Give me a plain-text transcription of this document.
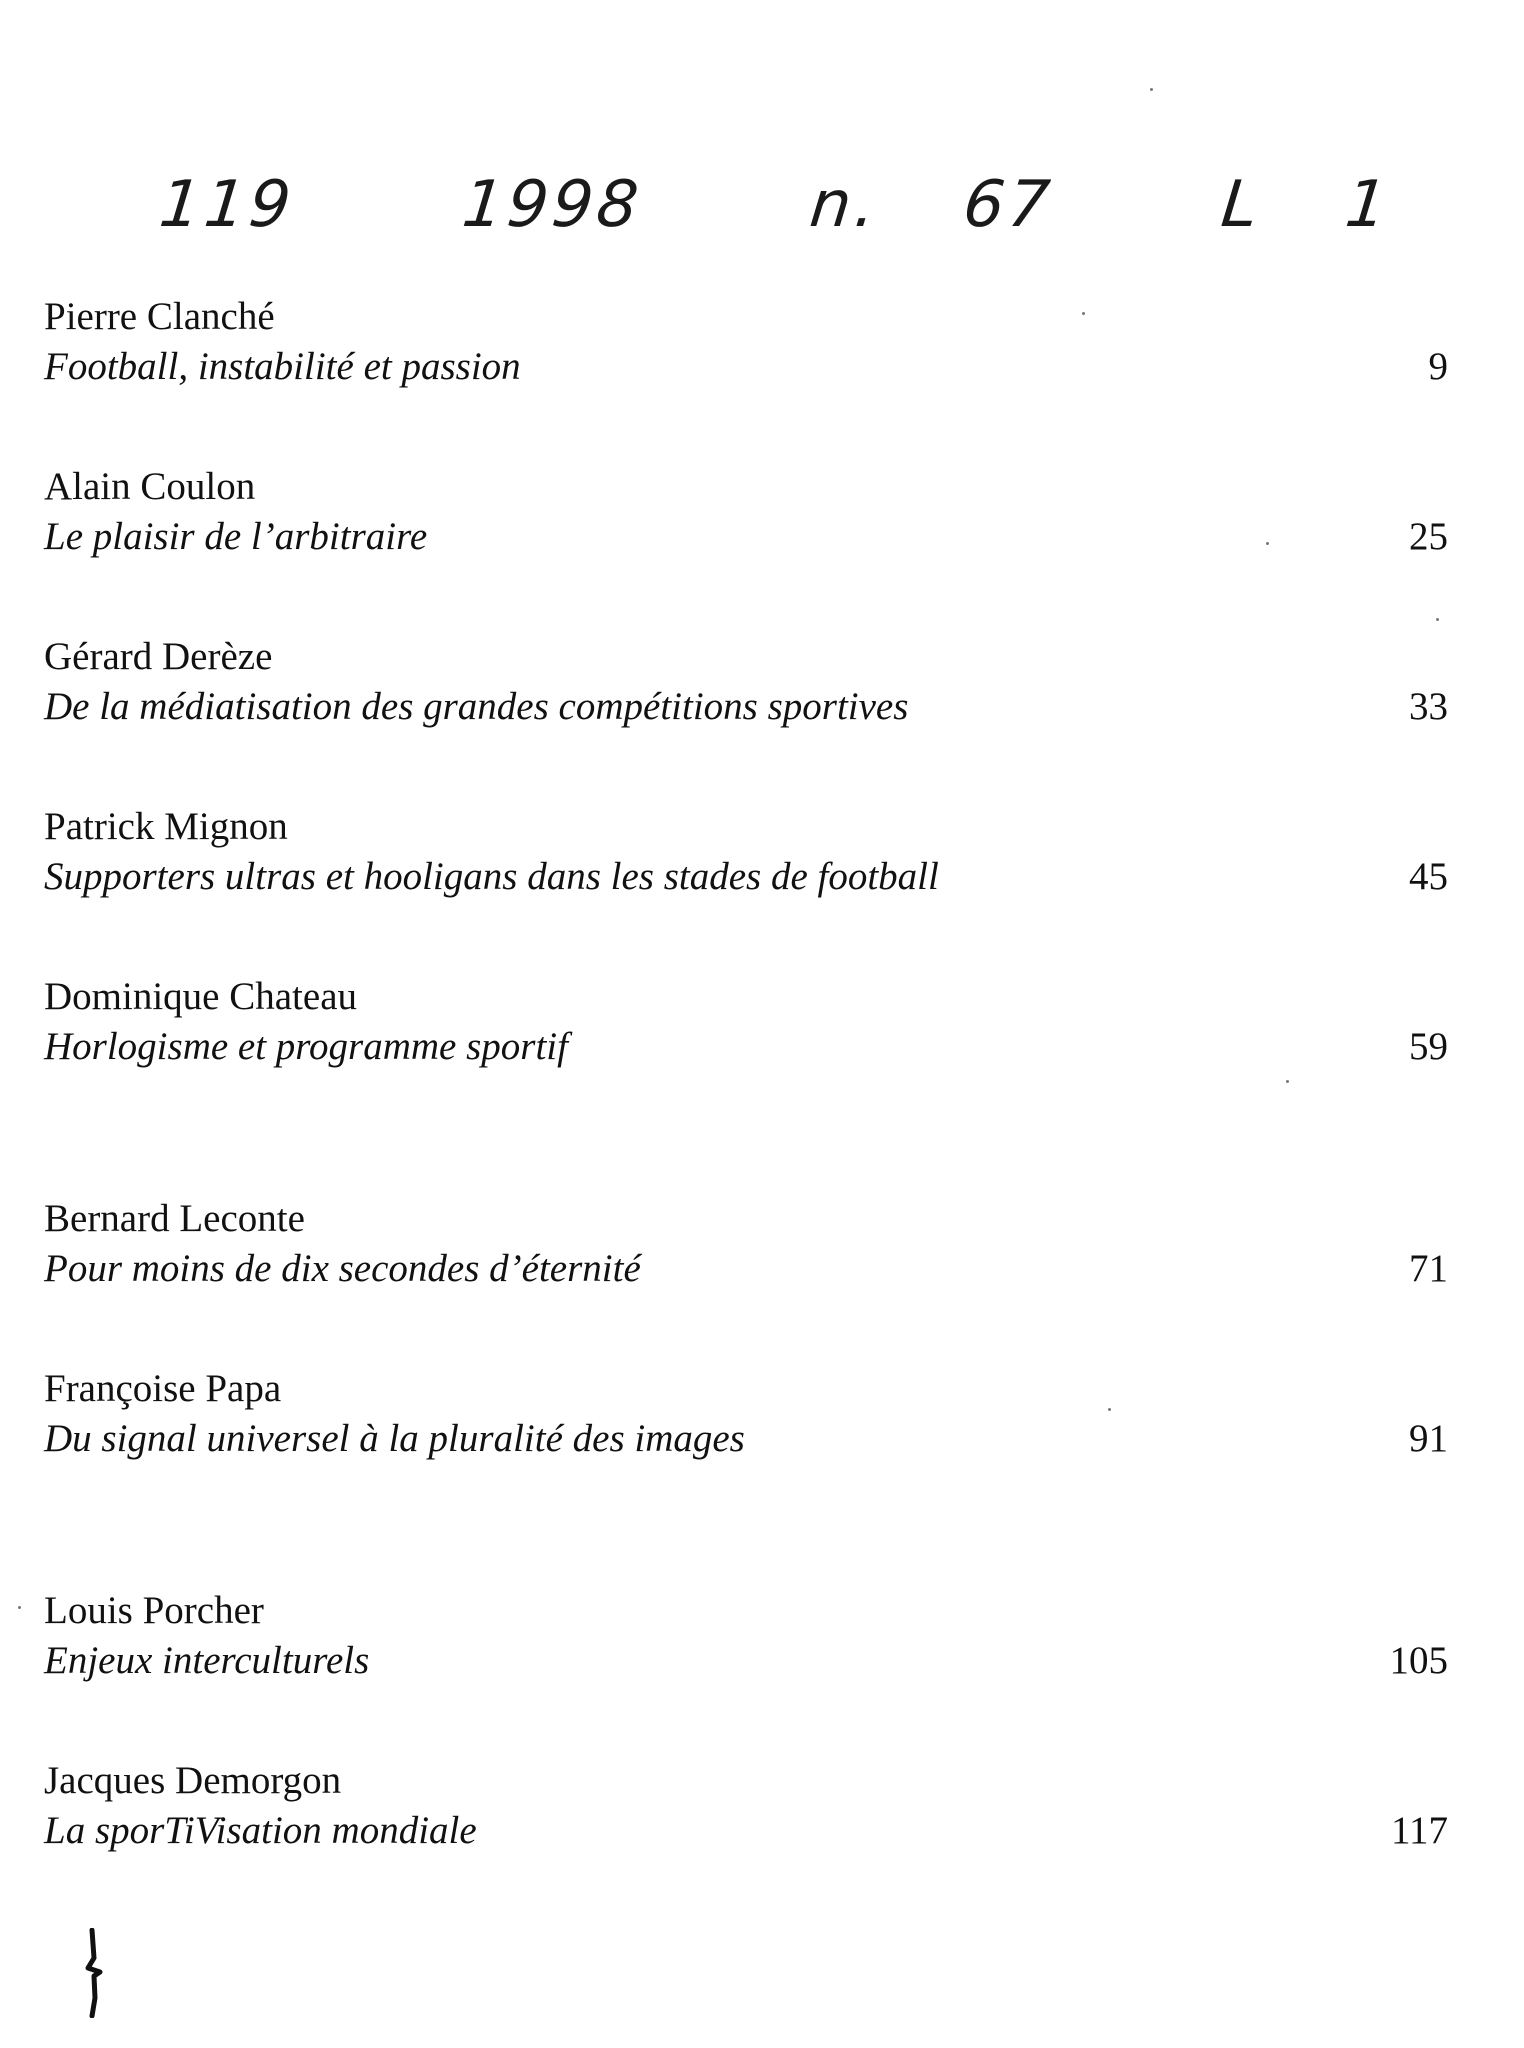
119  1998  n. 67  L 1
Pierre Clanché
Football, instabilité et passion	9
Alain Coulon
Le plaisir de l’arbitraire	25
Gérard Derèze
De la médiatisation des grandes compétitions sportives	33
Patrick Mignon
Supporters ultras et hooligans dans les stades de football	45
Dominique Chateau
Horlogisme et programme sportif	59
Bernard Leconte
Pour moins de dix secondes d’éternité	71
Françoise Papa
Du signal universel à la pluralité des images	91
Louis Porcher
Enjeux interculturels	105
Jacques Demorgon
La sporTiVisation mondiale	117
